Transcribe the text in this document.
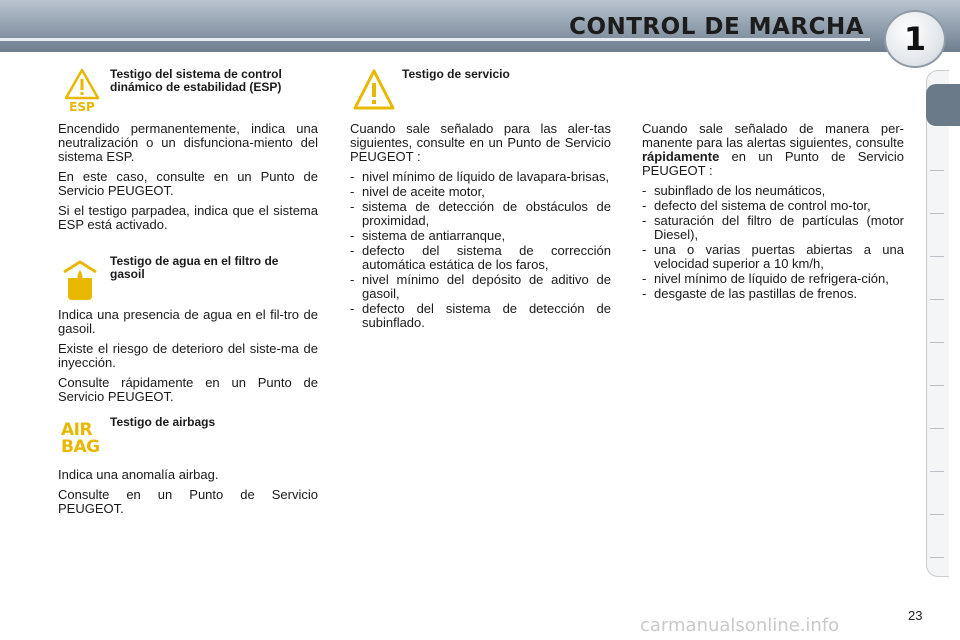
CONTROL DE MARCHA	1
ESP
Testigo del sistema de control dinámico de estabilidad (ESP)

Encendido permanentemente, indica una neutralización o un disfunciona-miento del sistema ESP.

En este caso, consulte en un Punto de Servicio PEUGEOT.

Si el testigo parpadea, indica que el sistema ESP está activado.

Testigo de agua en el filtro de gasoil

Indica una presencia de agua en el fil-tro de gasoil.

Existe el riesgo de deterioro del siste-ma de inyección.

Consulte rápidamente en un Punto de Servicio PEUGEOT.

AIR
BAG
Testigo de airbags

Indica una anomalía airbag.

Consulte en un Punto de Servicio PEUGEOT.

Testigo de servicio

Cuando sale señalado para las aler-tas siguientes, consulte en un Punto de Servicio PEUGEOT :

- nivel mínimo de líquido de lavapara-brisas,
- nivel de aceite motor,
- sistema de detección de obstáculos de proximidad,
- sistema de antiarranque,
- defecto del sistema de corrección automática estática de los faros,
- nivel mínimo del depósito de aditivo de gasoil,
- defecto del sistema de detección de subinflado.

Cuando sale señalado de manera per-manente para las alertas siguientes, consulte rápidamente en un Punto de Servicio PEUGEOT :

- subinflado de los neumáticos,
- defecto del sistema de control mo-tor,
- saturación del filtro de partículas (motor Diesel),
- una o varias puertas abiertas a una velocidad superior a 10 km/h,
- nivel mínimo de líquido de refrigera-ción,
- desgaste de las pastillas de frenos.
23
carmanualsonline.info
